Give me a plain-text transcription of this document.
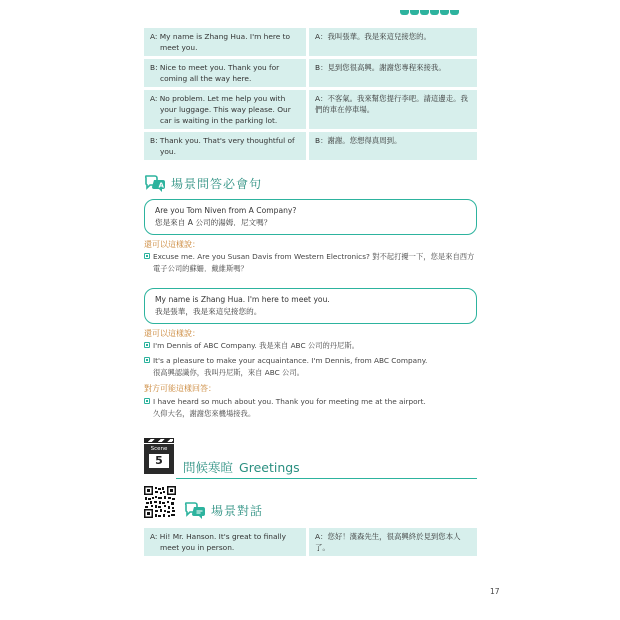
A: My name is Zhang Hua. I'm here to meet you.
A：我叫張華。我是來這兒接您的。
B: Nice to meet you. Thank you for coming all the way here.
B：見到您很高興。謝謝您專程來接我。
A: No problem. Let me help you with your luggage. This way please. Our car is waiting in the parking lot.
A：不客氣。我來幫您提行李吧。請這邊走。我們的車在停車場。
B: Thank you. That's very thoughtful of you.
B：謝謝。您想得真周到。
A 場景問答必會句
Are you Tom Niven from A Company?
您是來自 A 公司的湯姆．尼文嗎？
還可以這樣說：
Excuse me. Are you Susan Davis from Western Electronics? 對不起打擾一下，您是來自西方電子公司的蘇姍．戴維斯嗎？
My name is Zhang Hua. I'm here to meet you.
我是張華，我是來這兒接您的。
還可以這樣說：
I'm Dennis of ABC Company. 我是來自 ABC 公司的丹尼斯。
It's a pleasure to make your acquaintance. I'm Dennis, from ABC Company.
很高興認識你，我叫丹尼斯，來自 ABC 公司。
對方可能這樣回答：
I have heard so much about you. Thank you for meeting me at the airport.
久仰大名，謝謝您來機場接我。
Scene
5	問候寒暄 Greetings
場景對話
A: Hi! Mr. Hanson. It's great to finally meet you in person.
A：您好！漢森先生，很高興終於見到您本人了。
17
